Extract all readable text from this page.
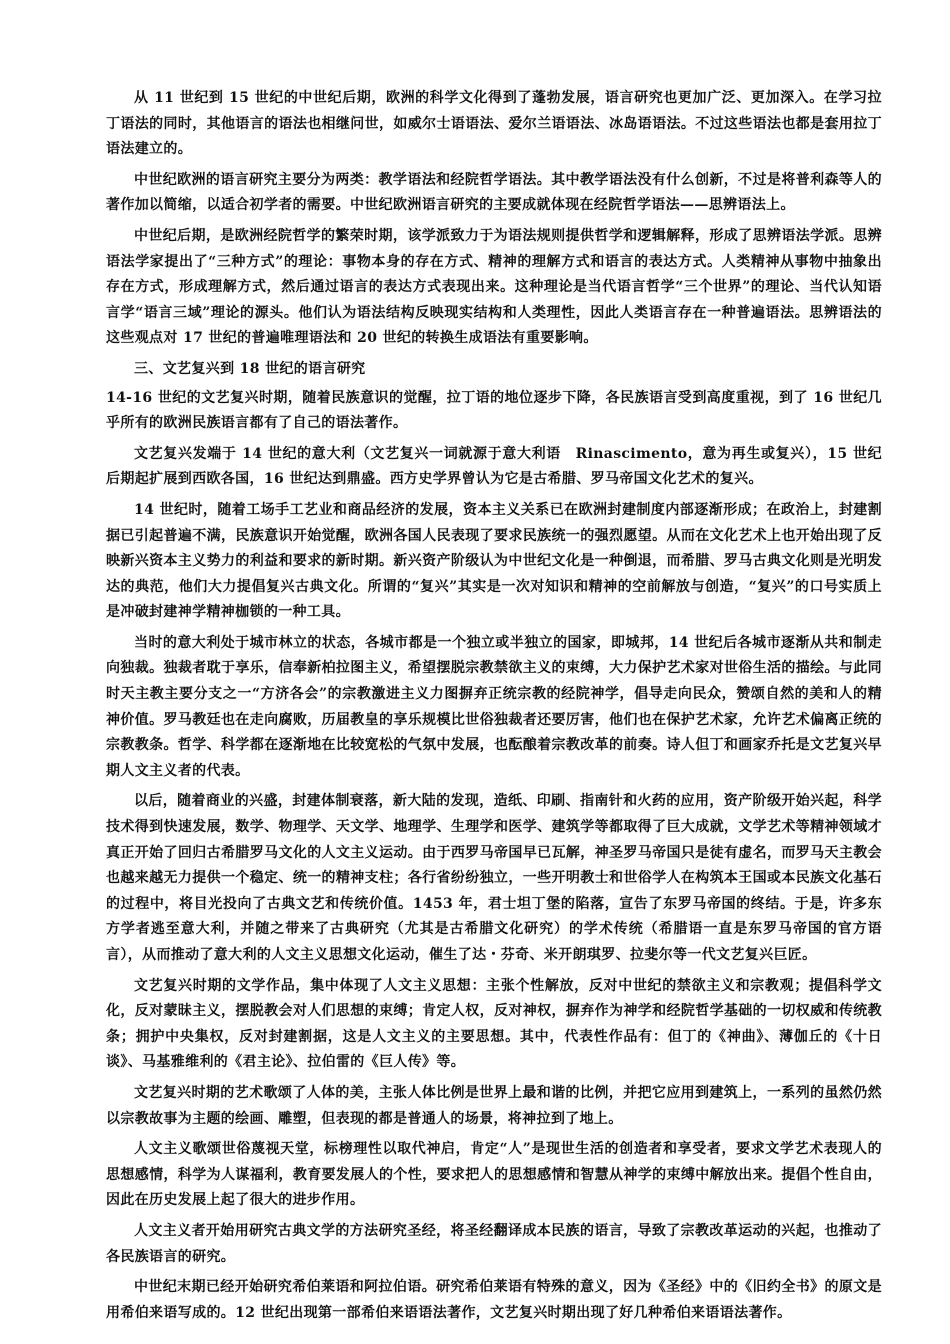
从 11 世纪到 15 世纪的中世纪后期，欧洲的科学文化得到了蓬勃发展，语言研究也更加广泛、更加深入。在学习拉丁语法的同时，其他语言的语法也相继问世，如威尔士语语法、爱尔兰语语法、冰岛语语法。不过这些语法也都是套用拉丁语法建立的。

中世纪欧洲的语言研究主要分为两类：教学语法和经院哲学语法。其中教学语法没有什么创新，不过是将普利森等人的著作加以简缩，以适合初学者的需要。中世纪欧洲语言研究的主要成就体现在经院哲学语法——思辨语法上。

中世纪后期，是欧洲经院哲学的繁荣时期，该学派致力于为语法规则提供哲学和逻辑解释，形成了思辨语法学派。思辨语法学家提出了“三种方式”的理论：事物本身的存在方式、精神的理解方式和语言的表达方式。人类精神从事物中抽象出存在方式，形成理解方式，然后通过语言的表达方式表现出来。这种理论是当代语言哲学“三个世界”的理论、当代认知语言学“语言三域”理论的源头。他们认为语法结构反映现实结构和人类理性，因此人类语言存在一种普遍语法。思辨语法的这些观点对 17 世纪的普遍唯理语法和 20 世纪的转换生成语法有重要影响。

三、文艺复兴到 18 世纪的语言研究

14-16 世纪的文艺复兴时期，随着民族意识的觉醒，拉丁语的地位逐步下降，各民族语言受到高度重视，到了 16 世纪几乎所有的欧洲民族语言都有了自己的语法著作。

文艺复兴发端于 14 世纪的意大利（文艺复兴一词就源于意大利语　Rinascimento，意为再生或复兴），15 世纪后期起扩展到西欧各国，16 世纪达到鼎盛。西方史学界曾认为它是古希腊、罗马帝国文化艺术的复兴。

14 世纪时，随着工场手工艺业和商品经济的发展，资本主义关系已在欧洲封建制度内部逐渐形成；在政治上，封建割据已引起普遍不满，民族意识开始觉醒，欧洲各国人民表现了要求民族统一的强烈愿望。从而在文化艺术上也开始出现了反映新兴资本主义势力的利益和要求的新时期。新兴资产阶级认为中世纪文化是一种倒退，而希腊、罗马古典文化则是光明发达的典范，他们大力提倡复兴古典文化。所谓的“复兴”其实是一次对知识和精神的空前解放与创造，“复兴”的口号实质上是冲破封建神学精神枷锁的一种工具。

当时的意大利处于城市林立的状态，各城市都是一个独立或半独立的国家，即城邦，14 世纪后各城市逐渐从共和制走向独裁。独裁者耽于享乐，信奉新柏拉图主义，希望摆脱宗教禁欲主义的束缚，大力保护艺术家对世俗生活的描绘。与此同时天主教主要分支之一“方济各会”的宗教激进主义力图摒弃正统宗教的经院神学，倡导走向民众，赞颂自然的美和人的精神价值。罗马教廷也在走向腐败，历届教皇的享乐规模比世俗独裁者还要厉害，他们也在保护艺术家，允许艺术偏离正统的宗教教条。哲学、科学都在逐渐地在比较宽松的气氛中发展，也酝酿着宗教改革的前奏。诗人但丁和画家乔托是文艺复兴早期人文主义者的代表。

以后，随着商业的兴盛，封建体制衰落，新大陆的发现，造纸、印刷、指南针和火药的应用，资产阶级开始兴起，科学技术得到快速发展，数学、物理学、天文学、地理学、生理学和医学、建筑学等都取得了巨大成就，文学艺术等精神领域才真正开始了回归古希腊罗马文化的人文主义运动。由于西罗马帝国早已瓦解，神圣罗马帝国只是徒有虚名，而罗马天主教会也越来越无力提供一个稳定、统一的精神支柱；各行省纷纷独立，一些开明教士和世俗学人在构筑本王国或本民族文化基石的过程中，将目光投向了古典文艺和传统价值。1453 年，君士坦丁堡的陷落，宣告了东罗马帝国的终结。于是，许多东方学者逃至意大利，并随之带来了古典研究（尤其是古希腊文化研究）的学术传统（希腊语一直是东罗马帝国的官方语言），从而推动了意大利的人文主义思想文化运动，催生了达・芬奇、米开朗琪罗、拉斐尔等一代文艺复兴巨匠。

文艺复兴时期的文学作品，集中体现了人文主义思想：主张个性解放，反对中世纪的禁欲主义和宗教观；提倡科学文化，反对蒙昧主义，摆脱教会对人们思想的束缚；肯定人权，反对神权，摒弃作为神学和经院哲学基础的一切权威和传统教条；拥护中央集权，反对封建割据，这是人文主义的主要思想。其中，代表性作品有：但丁的《神曲》、薄伽丘的《十日谈》、马基雅维利的《君主论》、拉伯雷的《巨人传》等。

文艺复兴时期的艺术歌颂了人体的美，主张人体比例是世界上最和谐的比例，并把它应用到建筑上，一系列的虽然仍然以宗教故事为主题的绘画、雕塑，但表现的都是普通人的场景，将神拉到了地上。

人文主义歌颂世俗蔑视天堂，标榜理性以取代神启，肯定“人”是现世生活的创造者和享受者，要求文学艺术表现人的思想感情，科学为人谋福利，教育要发展人的个性，要求把人的思想感情和智慧从神学的束缚中解放出来。提倡个性自由，因此在历史发展上起了很大的进步作用。

人文主义者开始用研究古典文学的方法研究圣经，将圣经翻译成本民族的语言，导致了宗教改革运动的兴起，也推动了各民族语言的研究。

中世纪末期已经开始研究希伯莱语和阿拉伯语。研究希伯莱语有特殊的意义，因为《圣经》中的《旧约全书》的原文是用希伯来语写成的。12 世纪出现第一部希伯来语语法著作，文艺复兴时期出现了好几种希伯来语语法著作。
